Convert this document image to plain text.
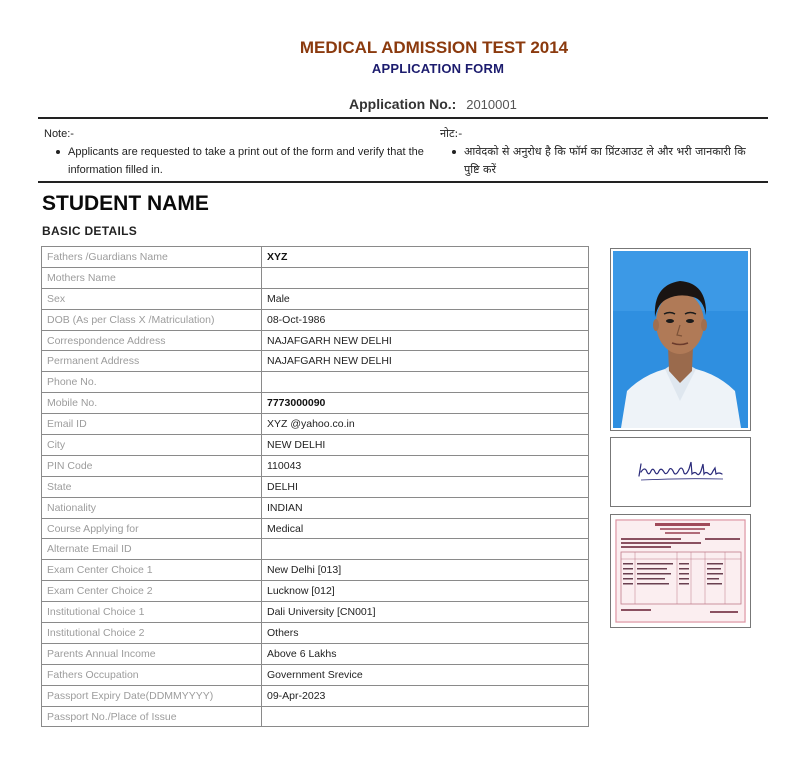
MEDICAL ADMISSION TEST 2014
APPLICATION FORM
Application No.: 2010001
Note:-
Applicants are requested to take a print out of the form and verify that the information filled in.
नोट:-
आवेदको से अनुरोध है कि फॉर्म का प्रिंटआउट ले और भरी जानकारी कि पुष्टि करें
STUDENT NAME
BASIC DETAILS
Fathers /Guardians Name	XYZ
Mothers Name	
Sex	Male
DOB (As per Class X /Matriculation)	08-Oct-1986
Correspondence Address	NAJAFGARH NEW DELHI
Permanent Address	NAJAFGARH NEW DELHI
Phone No.	
Mobile No.	7773000090
Email ID	XYZ @yahoo.co.in
City	NEW DELHI
PIN Code	110043
State	DELHI
Nationality	INDIAN
Course Applying for	Medical
Alternate Email ID	
Exam Center Choice 1	New Delhi [013]
Exam Center Choice 2	Lucknow [012]
Institutional Choice 1	Dali University [CN001]
Institutional Choice 2	Others
Parents Annual Income	Above 6 Lakhs
Fathers Occupation	Government Srevice
Passport Expiry Date(DDMMYYYY)	09-Apr-2023
Passport No./Place of Issue	
